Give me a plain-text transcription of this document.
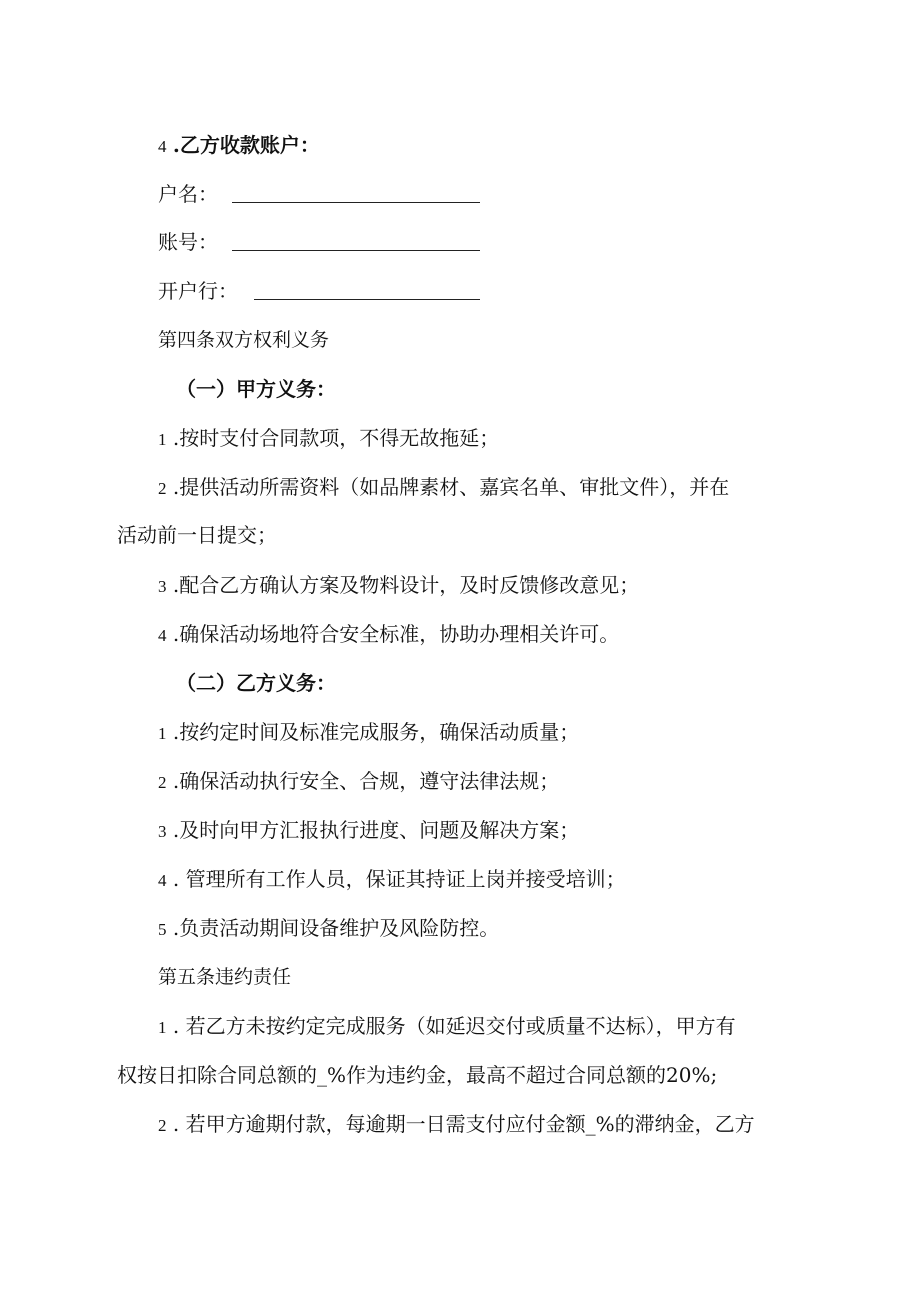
4 .乙方收款账户：
户名：
账号：
开户行：
第四条双方权利义务
（一）甲方义务：
1 .按时支付合同款项，不得无故拖延；
2 .提供活动所需资料（如品牌素材、嘉宾名单、审批文件），并在
活动前一日提交；
3 .配合乙方确认方案及物料设计，及时反馈修改意见；
4 .确保活动场地符合安全标准，协助办理相关许可。
（二）乙方义务：
1 .按约定时间及标准完成服务，确保活动质量；
2 .确保活动执行安全、合规，遵守法律法规；
3 .及时向甲方汇报执行进度、问题及解决方案；
4 . 管理所有工作人员，保证其持证上岗并接受培训；
5 .负责活动期间设备维护及风险防控。
第五条违约责任
1 . 若乙方未按约定完成服务（如延迟交付或质量不达标），甲方有
权按日扣除合同总额的_%作为违约金，最高不超过合同总额的20%;
2 . 若甲方逾期付款，每逾期一日需支付应付金额_%的滞纳金，乙方
